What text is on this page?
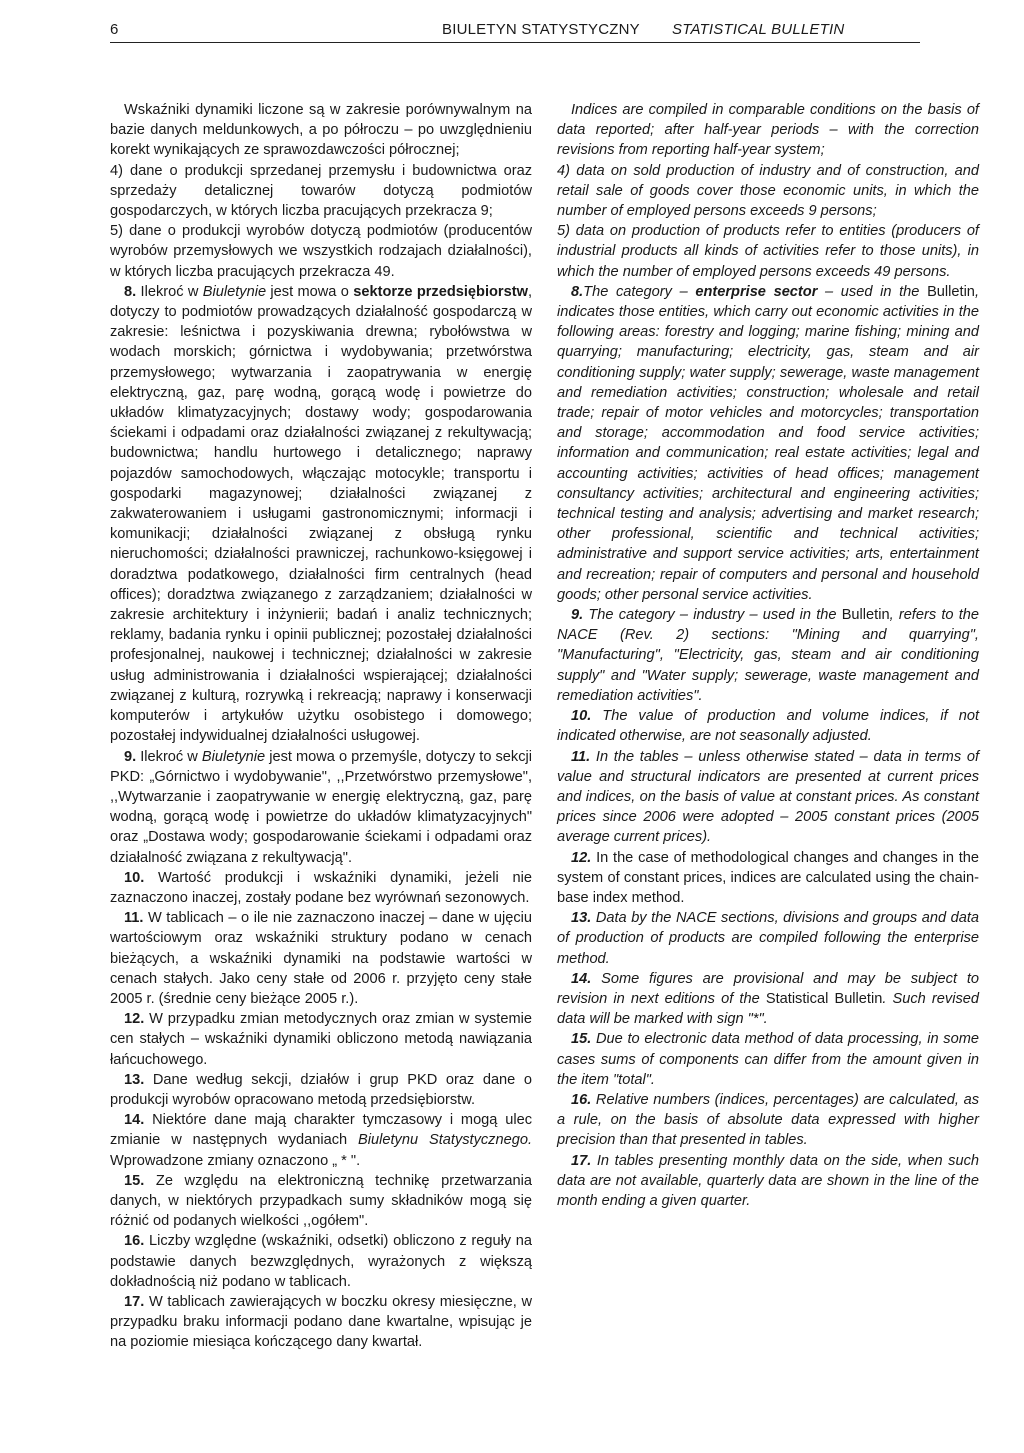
6	BIULETYN STATYSTYCZNY STATISTICAL BULLETIN

Wskaźniki dynamiki liczone są w zakresie porównywalnym na bazie danych meldunkowych, a po półroczu – po uwzględnieniu korekt wynikających ze sprawozdawczości półrocznej;

4) dane o produkcji sprzedanej przemysłu i budownictwa oraz sprzedaży detalicznej towarów dotyczą podmiotów gospodarczych, w których liczba pracujących przekracza 9;

5) dane o produkcji wyrobów dotyczą podmiotów (producentów wyrobów przemysłowych we wszystkich rodzajach działalności), w których liczba pracujących przekracza 49.

8. Ilekroć w Biuletynie jest mowa o sektorze przedsiębiorstw, dotyczy to podmiotów prowadzących działalność gospodarczą w zakresie: leśnictwa i pozyskiwania drewna; rybołówstwa w wodach morskich; górnictwa i wydobywania; przetwórstwa przemysłowego; wytwarzania i zaopatrywania w energię elektryczną, gaz, parę wodną, gorącą wodę i powietrze do układów klimatyzacyjnych; dostawy wody; gospodarowania ściekami i odpadami oraz działalności związanej z rekultywacją; budownictwa; handlu hurtowego i detalicznego; naprawy pojazdów samochodowych, włączając motocykle; transportu i gospodarki magazynowej; działalności związanej z zakwaterowaniem i usługami gastronomicznymi; informacji i komunikacji; działalności związanej z obsługą rynku nieruchomości; działalności prawniczej, rachunkowo-księgowej i doradztwa podatkowego, działalności firm centralnych (head offices); doradztwa związanego z zarządzaniem; działalności w zakresie architektury i inżynierii; badań i analiz technicznych; reklamy, badania rynku i opinii publicznej; pozostałej działalności profesjonalnej, naukowej i technicznej; działalności w zakresie usług administrowania i działalności wspierającej; działalności związanej z kulturą, rozrywką i rekreacją; naprawy i konserwacji komputerów i artykułów użytku osobistego i domowego; pozostałej indywidualnej działalności usługowej.

9. Ilekroć w Biuletynie jest mowa o przemyśle, dotyczy to sekcji PKD: „Górnictwo i wydobywanie", ,,Przetwórstwo przemysłowe", ,,Wytwarzanie i zaopatrywanie w energię elektryczną, gaz, parę wodną, gorącą wodę i powietrze do układów klimatyzacyjnych" oraz „Dostawa wody; gospodarowanie ściekami i odpadami oraz działalność związana z rekultywacją".

10. Wartość produkcji i wskaźniki dynamiki, jeżeli nie zaznaczono inaczej, zostały podane bez wyrównań sezonowych.

11. W tablicach – o ile nie zaznaczono inaczej – dane w ujęciu wartościowym oraz wskaźniki struktury podano w cenach bieżących, a wskaźniki dynamiki na podstawie wartości w cenach stałych. Jako ceny stałe od 2006 r. przyjęto ceny stałe 2005 r. (średnie ceny bieżące 2005 r.).

12. W przypadku zmian metodycznych oraz zmian w systemie cen stałych – wskaźniki dynamiki obliczono metodą nawiązania łańcuchowego.

13. Dane według sekcji, działów i grup PKD oraz dane o produkcji wyrobów opracowano metodą przedsiębiorstw.

14. Niektóre dane mają charakter tymczasowy i mogą ulec zmianie w następnych wydaniach Biuletynu Statystycznego. Wprowadzone zmiany oznaczono „ * ".

15. Ze względu na elektroniczną technikę przetwarzania danych, w niektórych przypadkach sumy składników mogą się różnić od podanych wielkości ,,ogółem".

16. Liczby względne (wskaźniki, odsetki) obliczono z reguły na podstawie danych bezwzględnych, wyrażonych z większą dokładnością niż podano w tablicach.

17. W tablicach zawierających w boczku okresy miesięczne, w przypadku braku informacji podano dane kwartalne, wpisując je na poziomie miesiąca kończącego dany kwartał.

Indices are compiled in comparable conditions on the basis of data reported; after half-year periods – with the correction revisions from reporting half-year system;

4) data on sold production of industry and of construction, and retail sale of goods cover those economic units, in which the number of employed persons exceeds 9 persons;

5) data on production of products refer to entities (producers of industrial products all kinds of activities refer to those units), in which the number of employed persons exceeds 49 persons.

8.The category – enterprise sector – used in the Bulletin, indicates those entities, which carry out economic activities in the following areas: forestry and logging; marine fishing; mining and quarrying; manufacturing; electricity, gas, steam and air conditioning supply; water supply; sewerage, waste management and remediation activities; construction; wholesale and retail trade; repair of motor vehicles and motorcycles; transportation and storage; accommodation and food service activities; information and communication; real estate activities; legal and accounting activities; activities of head offices; management consultancy activities; architectural and engineering activities; technical testing and analysis; advertising and market research; other professional, scientific and technical activities; administrative and support service activities; arts, entertainment and recreation; repair of computers and personal and household goods; other personal service activities.

9. The category – industry – used in the Bulletin, refers to the NACE (Rev. 2) sections: "Mining and quarrying", "Manufacturing", "Electricity, gas, steam and air conditioning supply" and "Water supply; sewerage, waste management and remediation activities".

10. The value of production and volume indices, if not indicated otherwise, are not seasonally adjusted.

11. In the tables – unless otherwise stated – data in terms of value and structural indicators are presented at current prices and indices, on the basis of value at constant prices. As constant prices since 2006 were adopted – 2005 constant prices (2005 average current prices).

12. In the case of methodological changes and changes in the system of constant prices, indices are calculated using the chain-base index method.

13. Data by the NACE sections, divisions and groups and data of production of products are compiled following the enterprise method.

14. Some figures are provisional and may be subject to revision in next editions of the Statistical Bulletin. Such revised data will be marked with sign "*".

15. Due to electronic data method of data processing, in some cases sums of components can differ from the amount given in the item "total".

16. Relative numbers (indices, percentages) are calculated, as a rule, on the basis of absolute data expressed with higher precision than that presented in tables.

17. In tables presenting monthly data on the side, when such data are not available, quarterly data are shown in the line of the month ending a given quarter.
